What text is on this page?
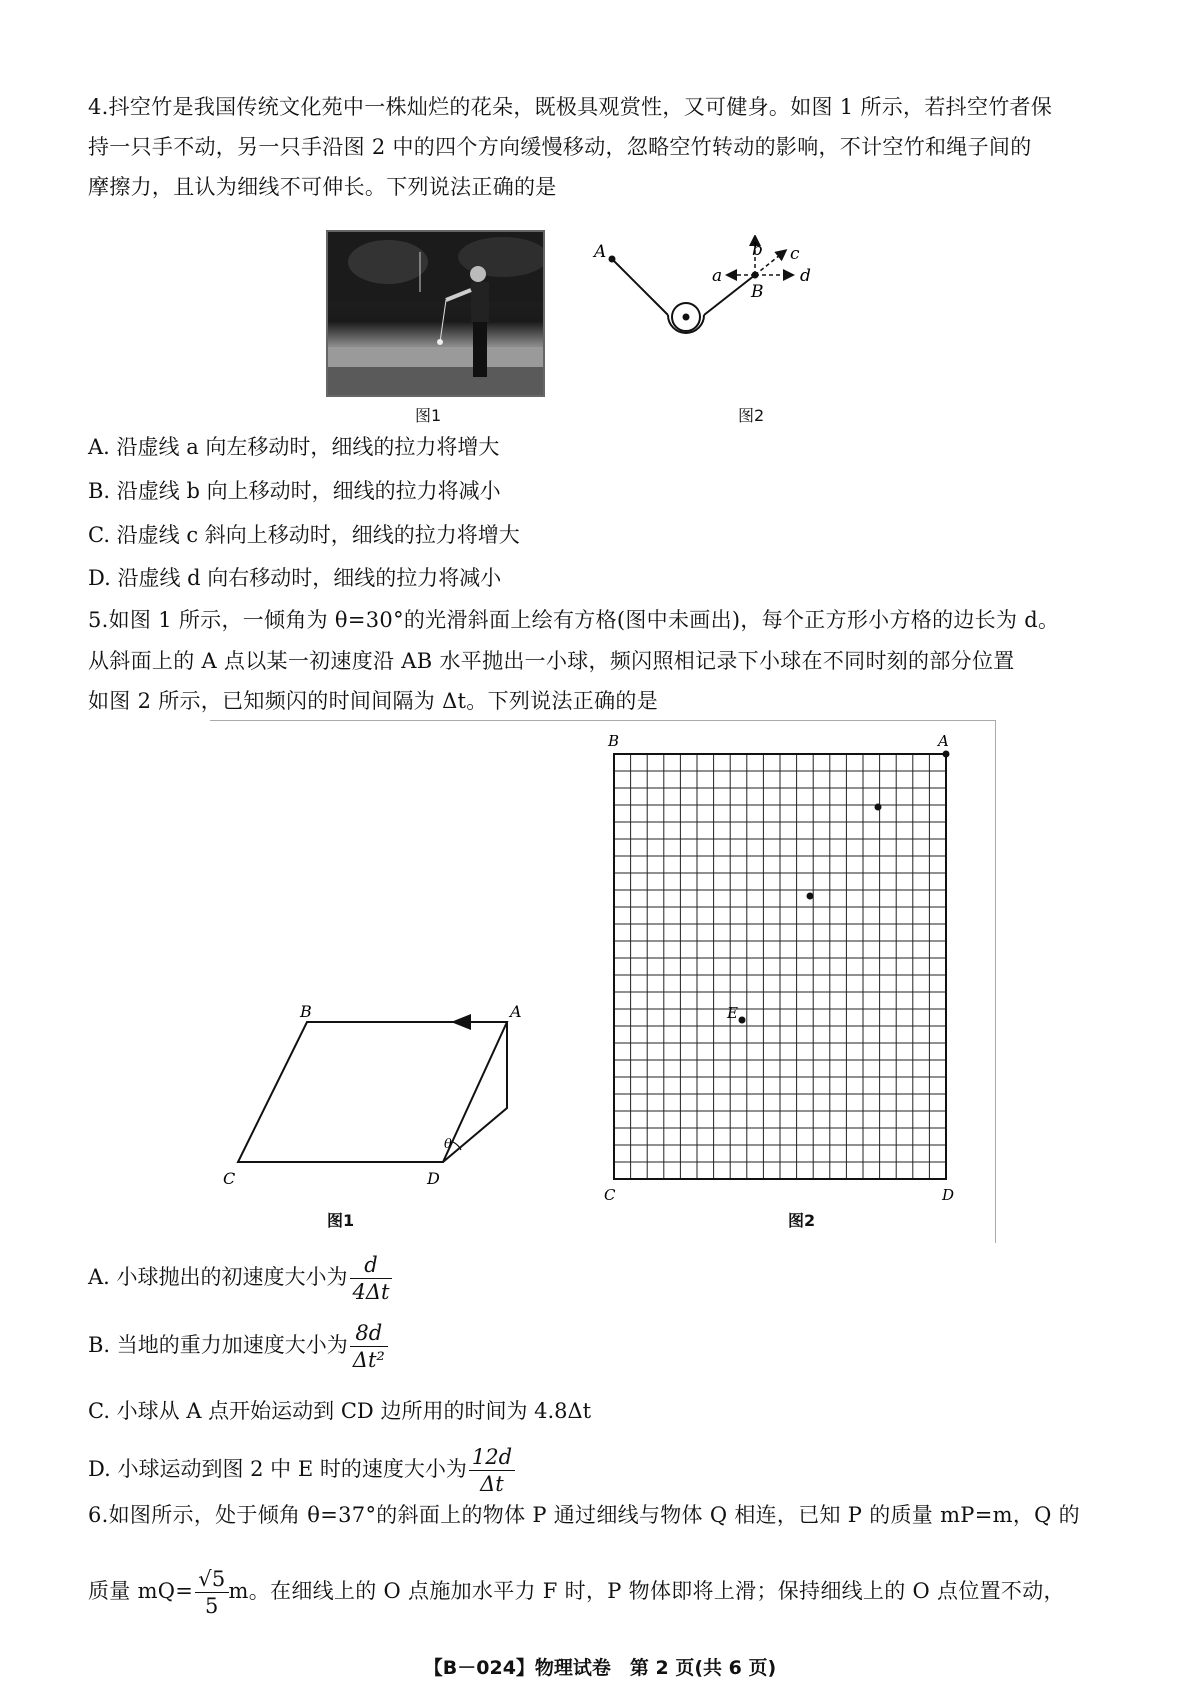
4.抖空竹是我国传统文化苑中一株灿烂的花朵，既极具观赏性，又可健身。如图 1 所示，若抖空竹者保
持一只手不动，另一只手沿图 2 中的四个方向缓慢移动，忽略空竹转动的影响，不计空竹和绳子间的
摩擦力，且认为细线不可伸长。下列说法正确的是
图1
A
B
a
b c
d
图2
A. 沿虚线 a 向左移动时，细线的拉力将增大
B. 沿虚线 b 向上移动时，细线的拉力将减小
C. 沿虚线 c 斜向上移动时，细线的拉力将增大
D. 沿虚线 d 向右移动时，细线的拉力将减小
5.如图 1 所示，一倾角为 θ=30°的光滑斜面上绘有方格(图中未画出)，每个正方形小方格的边长为 d。
从斜面上的 A 点以某一初速度沿 AB 水平抛出一小球，频闪照相记录下小球在不同时刻的部分位置
如图 2 所示，已知频闪的时间间隔为 Δt。下列说法正确的是
B	A
C	D
θ
图1
B	A
C	D
E
图2
A. 小球抛出的初速度大小为 $\frac{d}{4\Delta t}$
B. 当地的重力加速度大小为 $\frac{8d}{\text{Δt²}}$
C. 小球从 A 点开始运动到 CD 边所用的时间为 4.8Δt
D. 小球运动到图 2 中 E 时的速度大小为 $\frac{12d}{\Delta t}$
6.如图所示，处于倾角 θ=37°的斜面上的物体 P 通过细线与物体 Q 相连，已知 P 的质量 mP=m，Q 的
质量 $mQ= \frac{√5}{5}$ m。在细线上的 O 点施加水平力 F 时，P 物体即将上滑；保持细线上的 O 点位置不动，
【B－024】物理试卷　第 2 页(共 6 页)
